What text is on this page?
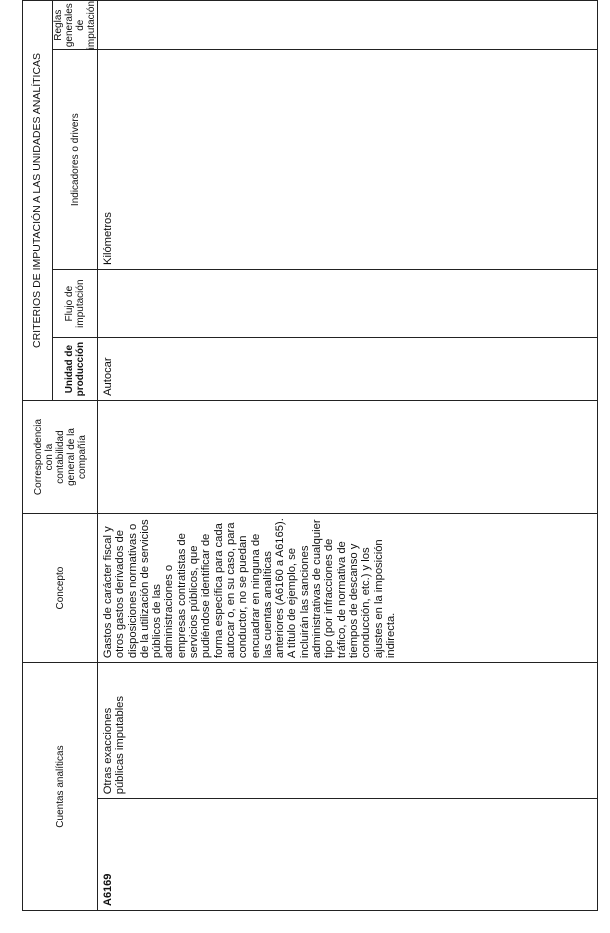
Cuentas analíticas		Concepto	Correspondencia con la contabilidad general de la compañía	CRITERIOS DE IMPUTACIÓN A LAS UNIDADES ANALÍTICAS			
				Unidad de producción	Flujo de imputación	Indicadores o drivers	Reglas generales de imputación
A6169	Otras exacciones públicas imputables	Gastos de carácter fiscal y otros gastos derivados de disposiciones normativas o de la utilización de servicios públicos de las administraciones o empresas contratistas de servicios públicos, que pudiéndose identificar de forma específica para cada autocar o, en su caso, para conductor, no se puedan encuadrar en ninguna de las cuentas analíticas anteriores (A6160 a A6165). A título de ejemplo, se incluirán las sanciones administrativas de cualquier tipo (por infracciones de tráfico, de normativa de tiempos de descanso y conducción, etc.) y los ajustes en la imposición indirecta.		Autocar		Kilómetros	
